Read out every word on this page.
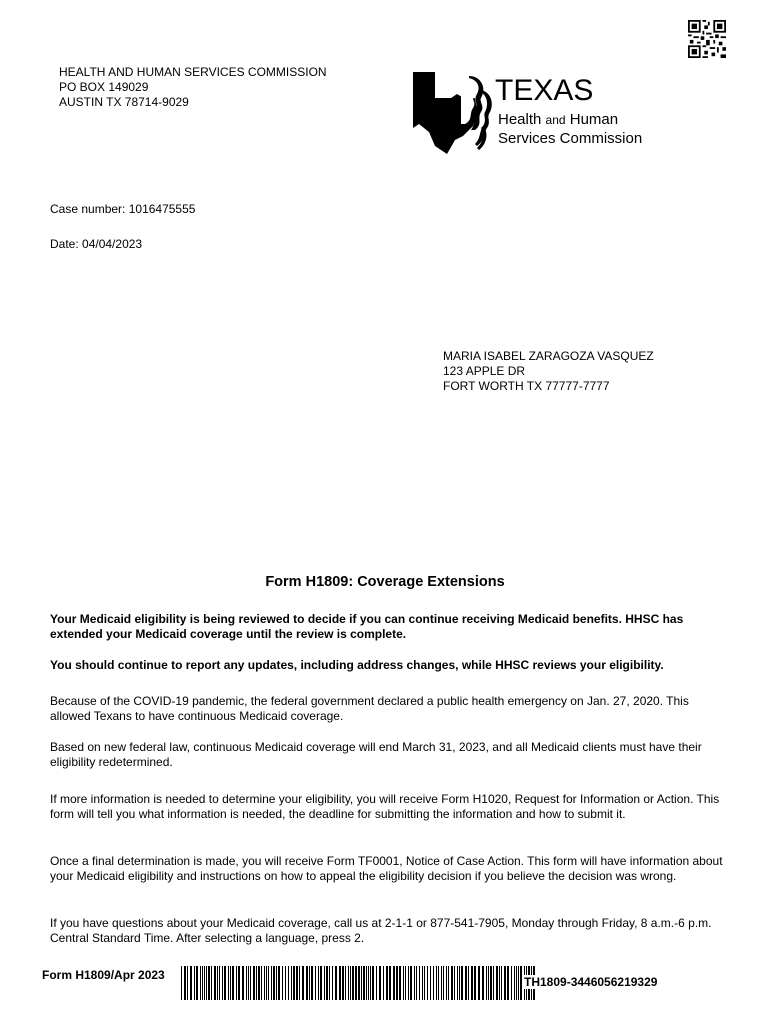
HEALTH AND HUMAN SERVICES COMMISSION
PO BOX 149029
AUSTIN TX 78714-9029	TEXAS
Health and Human
Services Commission
Case number: 1016475555
Date: 04/04/2023
MARIA ISABEL ZARAGOZA VASQUEZ
123 APPLE DR
FORT WORTH TX 77777-7777
Form H1809: Coverage Extensions
Your Medicaid eligibility is being reviewed to decide if you can continue receiving Medicaid benefits. HHSC has extended your Medicaid coverage until the review is complete.
You should continue to report any updates, including address changes, while HHSC reviews your eligibility.
Because of the COVID-19 pandemic, the federal government declared a public health emergency on Jan. 27, 2020. This allowed Texans to have continuous Medicaid coverage.
Based on new federal law, continuous Medicaid coverage will end March 31, 2023, and all Medicaid clients must have their eligibility redetermined.
If more information is needed to determine your eligibility, you will receive Form H1020, Request for Information or Action. This form will tell you what information is needed, the deadline for submitting the information and how to submit it.
Once a final determination is made, you will receive Form TF0001, Notice of Case Action. This form will have information about your Medicaid eligibility and instructions on how to appeal the eligibility decision if you believe the decision was wrong.
If you have questions about your Medicaid coverage, call us at 2-1-1 or 877-541-7905, Monday through Friday, 8 a.m.-6 p.m. Central Standard Time. After selecting a language, press 2.
Form H1809/Apr 2023	TH1809-3446056219329
